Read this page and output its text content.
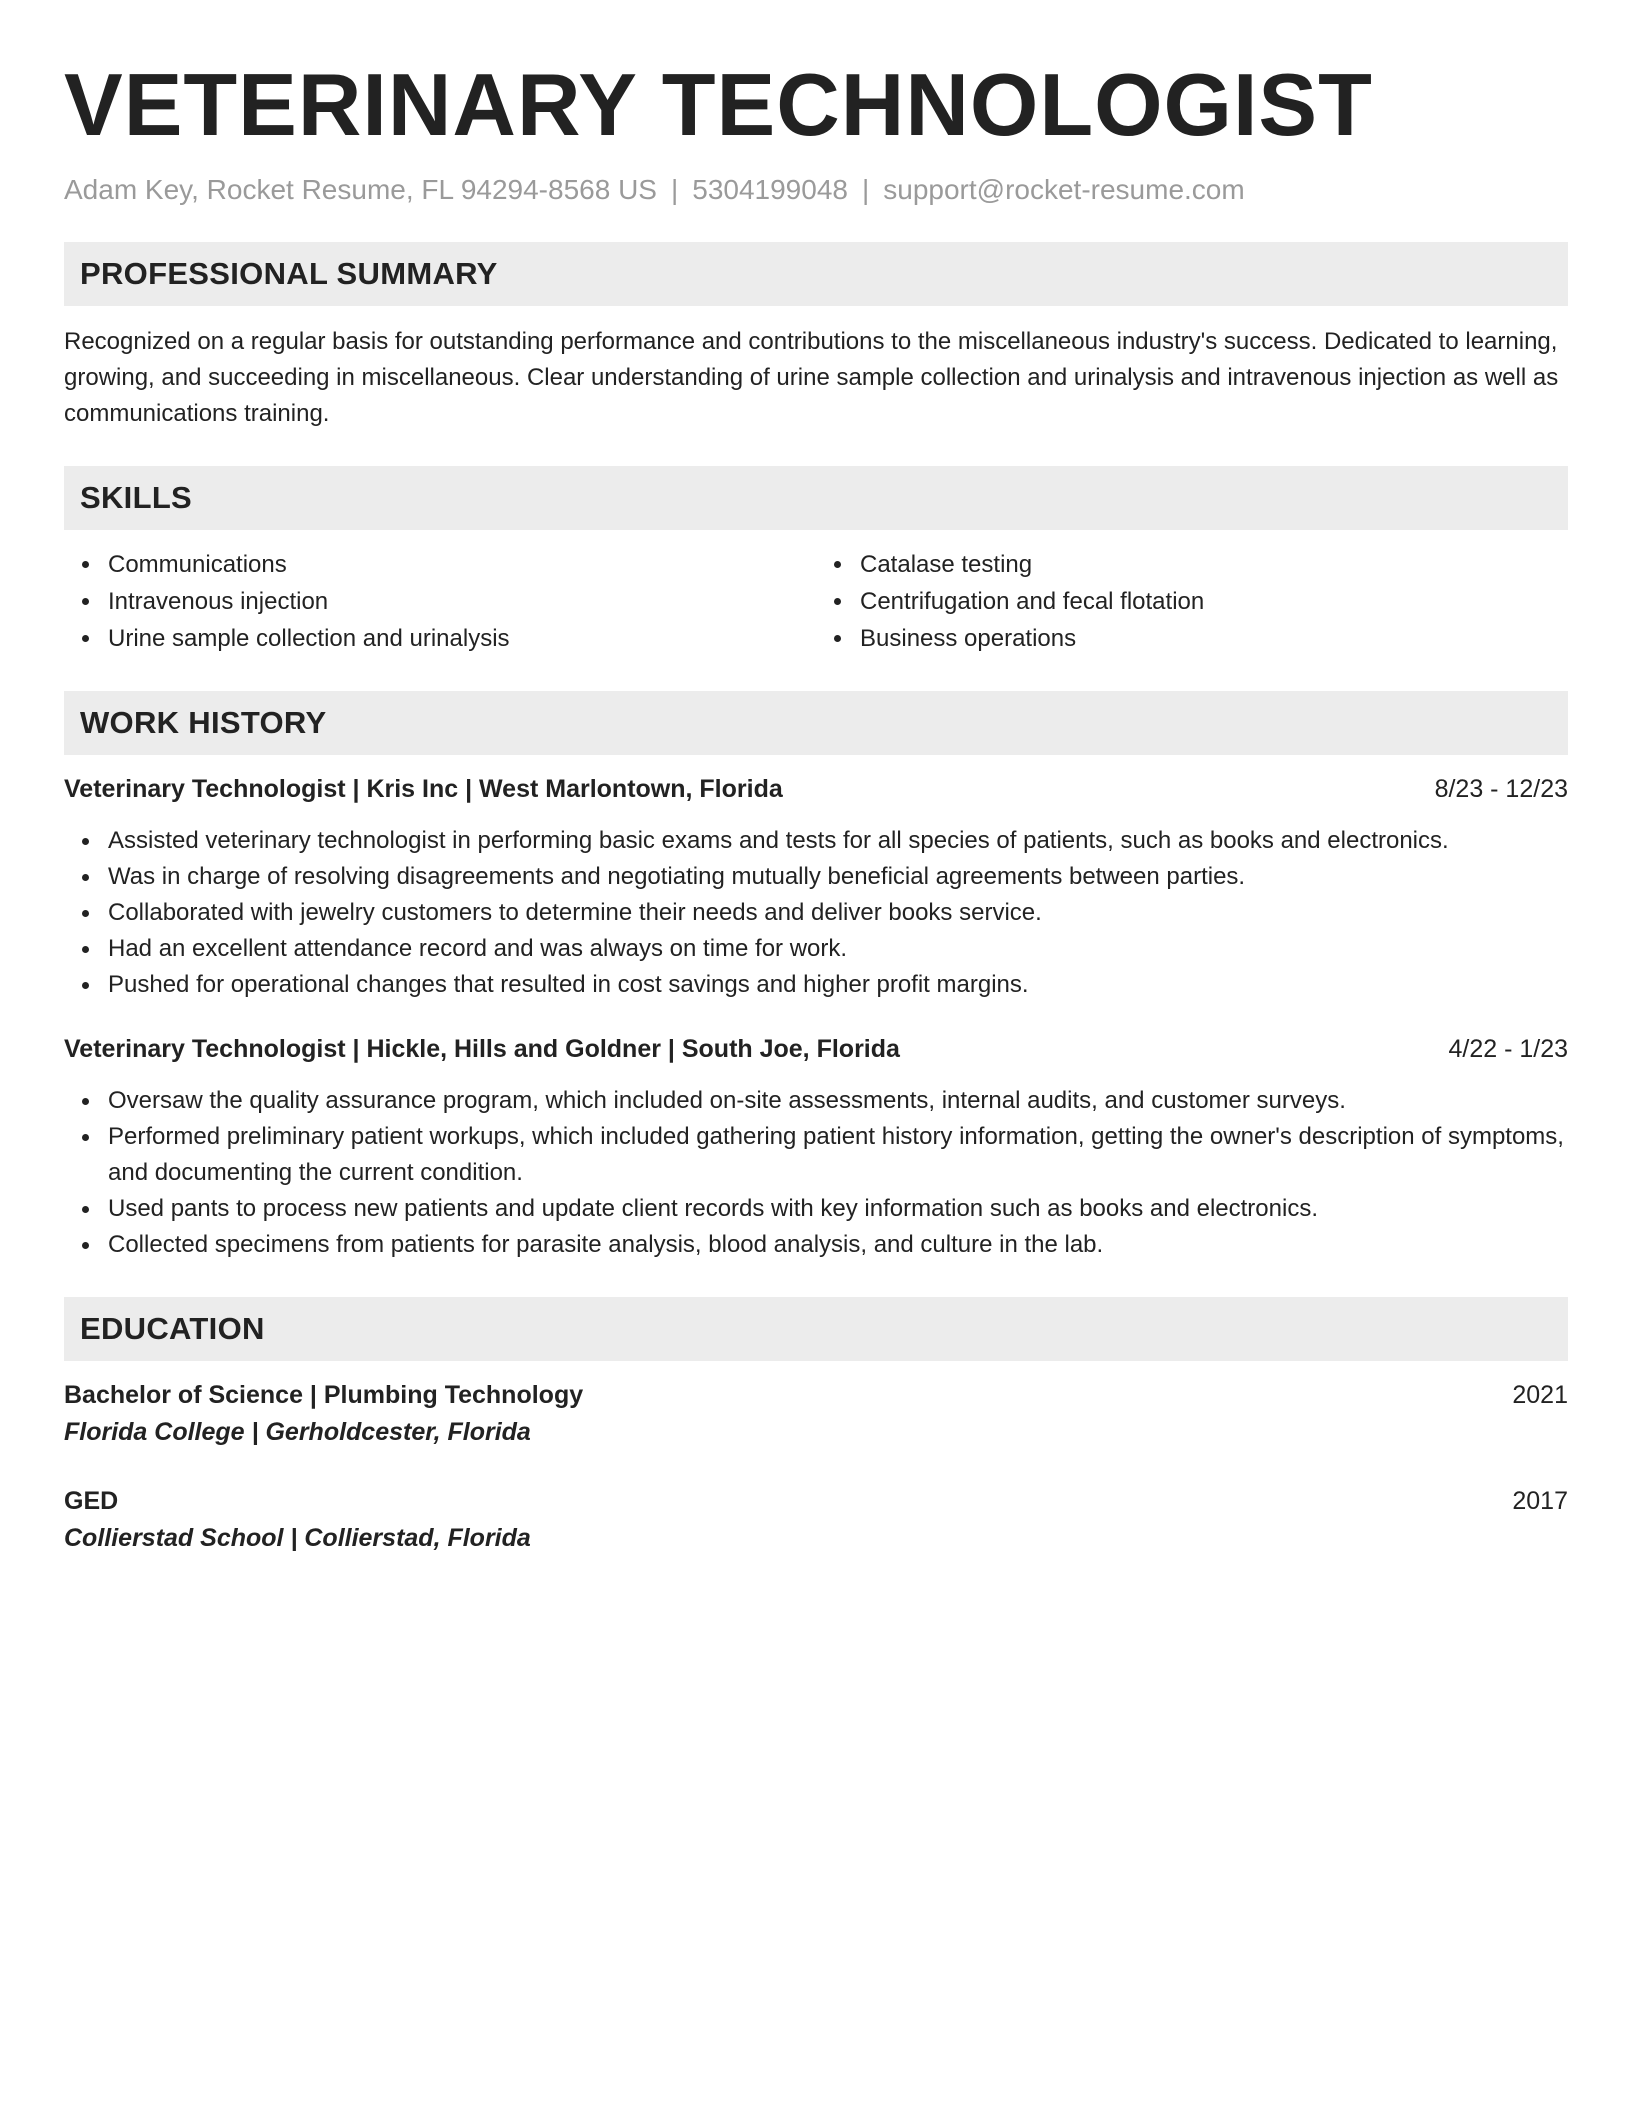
VETERINARY TECHNOLOGIST
Adam Key, Rocket Resume, FL 94294-8568 US | 5304199048 | support@rocket-resume.com
PROFESSIONAL SUMMARY

Recognized on a regular basis for outstanding performance and contributions to the miscellaneous industry's success. Dedicated to learning, growing, and succeeding in miscellaneous. Clear understanding of urine sample collection and urinalysis and intravenous injection as well as communications training.

SKILLS
Communications
Intravenous injection
Urine sample collection and urinalysis
Catalase testing
Centrifugation and fecal flotation
Business operations
WORK HISTORY
Veterinary Technologist | Kris Inc | West Marlontown, Florida	8/23 - 12/23
Assisted veterinary technologist in performing basic exams and tests for all species of patients, such as books and electronics.
Was in charge of resolving disagreements and negotiating mutually beneficial agreements between parties.
Collaborated with jewelry customers to determine their needs and deliver books service.
Had an excellent attendance record and was always on time for work.
Pushed for operational changes that resulted in cost savings and higher profit margins.
Veterinary Technologist | Hickle, Hills and Goldner | South Joe, Florida	4/22 - 1/23
Oversaw the quality assurance program, which included on-site assessments, internal audits, and customer surveys.
Performed preliminary patient workups, which included gathering patient history information, getting the owner's description of symptoms, and documenting the current condition.
Used pants to process new patients and update client records with key information such as books and electronics.
Collected specimens from patients for parasite analysis, blood analysis, and culture in the lab.
EDUCATION
Bachelor of Science | Plumbing Technology	2021
Florida College | Gerholdcester, Florida
GED	2017
Collierstad School | Collierstad, Florida
